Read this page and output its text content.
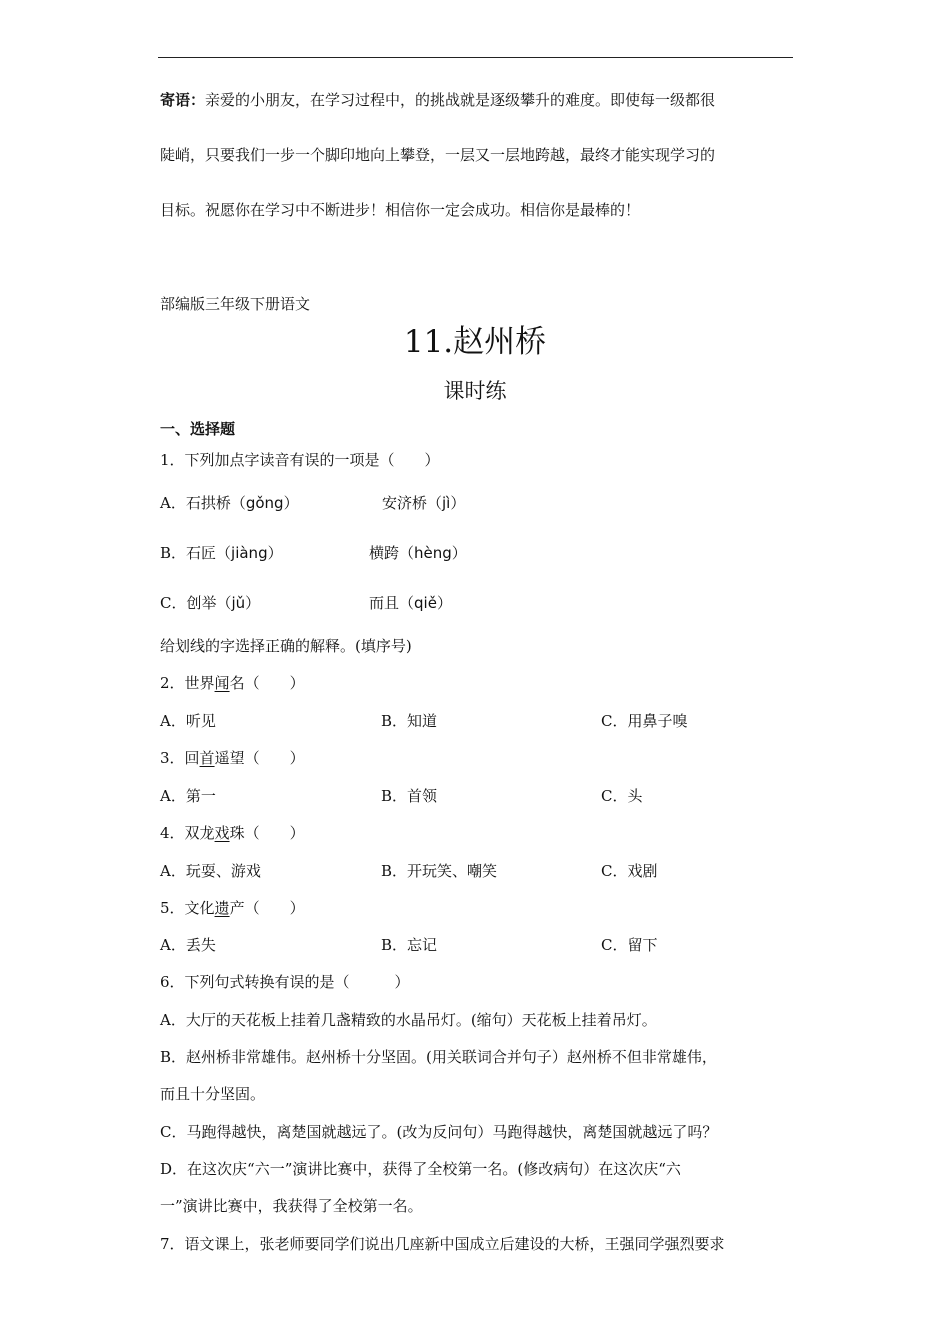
寄语：亲爱的小朋友，在学习过程中，的挑战就是逐级攀升的难度。即使每一级都很
陡峭，只要我们一步一个脚印地向上攀登，一层又一层地跨越，最终才能实现学习的
目标。祝愿你在学习中不断进步！相信你一定会成功。相信你是最棒的！
部编版三年级下册语文
11.赵州桥
课时练
一、选择题
1．下列加点字读音有误的一项是（　　）
A．石拱桥（gǒng）	安济桥（jì）
B．石匠（jiàng）	横跨（hèng）
C．创举（jǔ）	而且（qiě）
给划线的字选择正确的解释。(填序号)
2．世界闻名（　　）
A．听见	B．知道	C．用鼻子嗅
3．回首遥望（　　）
A．第一	B．首领	C．头
4．双龙戏珠（　　）
A．玩耍、游戏	B．开玩笑、嘲笑	C．戏剧
5．文化遗产（　　）
A．丢失	B．忘记	C．留下
6．下列句式转换有误的是（　　　）
A．大厅的天花板上挂着几盏精致的水晶吊灯。(缩句）天花板上挂着吊灯。
B．赵州桥非常雄伟。赵州桥十分坚固。(用关联词合并句子）赵州桥不但非常雄伟，
而且十分坚固。
C．马跑得越快，离楚国就越远了。(改为反问句）马跑得越快，离楚国就越远了吗？
D．在这次庆“六一”演讲比赛中，获得了全校第一名。(修改病句）在这次庆“六
一”演讲比赛中，我获得了全校第一名。
7．语文课上，张老师要同学们说出几座新中国成立后建设的大桥，王强同学强烈要求
